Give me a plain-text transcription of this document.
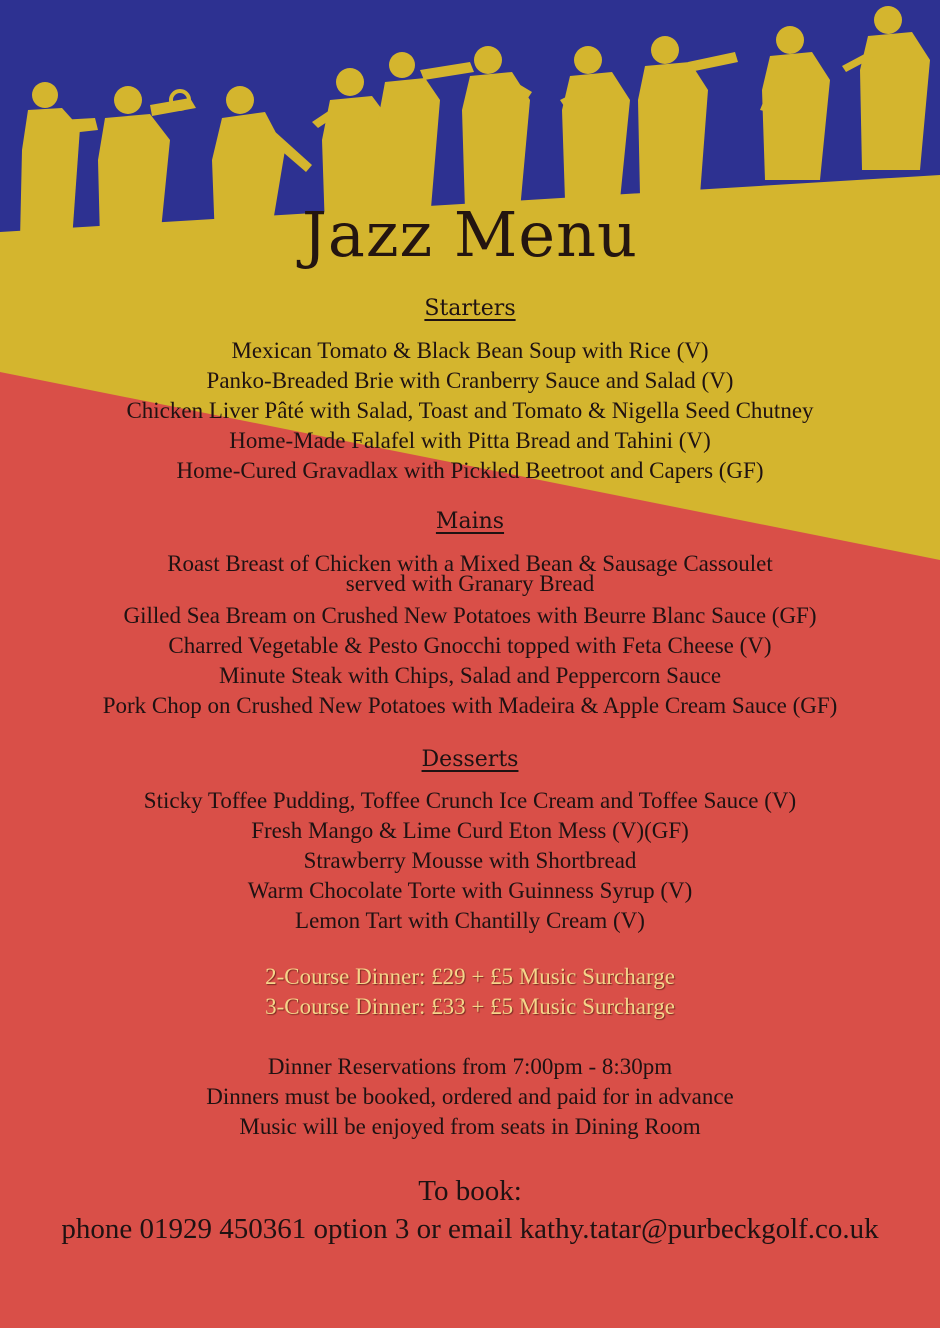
Jazz Menu
Starters
Mexican Tomato & Black Bean Soup with Rice (V)
Panko-Breaded Brie with Cranberry Sauce and Salad (V)
Chicken Liver Pâté with Salad, Toast and Tomato & Nigella Seed Chutney
Home-Made Falafel with Pitta Bread and Tahini (V)
Home-Cured Gravadlax with Pickled Beetroot and Capers (GF)
Mains
Roast Breast of Chicken with a Mixed Bean & Sausage Cassoulet
served with Granary Bread
Gilled Sea Bream on Crushed New Potatoes with Beurre Blanc Sauce (GF)
Charred Vegetable & Pesto Gnocchi topped with Feta Cheese (V)
Minute Steak with Chips, Salad and Peppercorn Sauce
Pork Chop on Crushed New Potatoes with Madeira & Apple Cream Sauce (GF)
Desserts
Sticky Toffee Pudding, Toffee Crunch Ice Cream and Toffee Sauce (V)
Fresh Mango & Lime Curd Eton Mess (V)(GF)
Strawberry Mousse with Shortbread
Warm Chocolate Torte with Guinness Syrup (V)
Lemon Tart with Chantilly Cream (V)
2-Course Dinner: £29 + £5 Music Surcharge
3-Course Dinner: £33 + £5 Music Surcharge
Dinner Reservations from 7:00pm - 8:30pm
Dinners must be booked, ordered and paid for in advance
Music will be enjoyed from seats in Dining Room
To book:
phone 01929 450361 option 3 or email kathy.tatar@purbeckgolf.co.uk
